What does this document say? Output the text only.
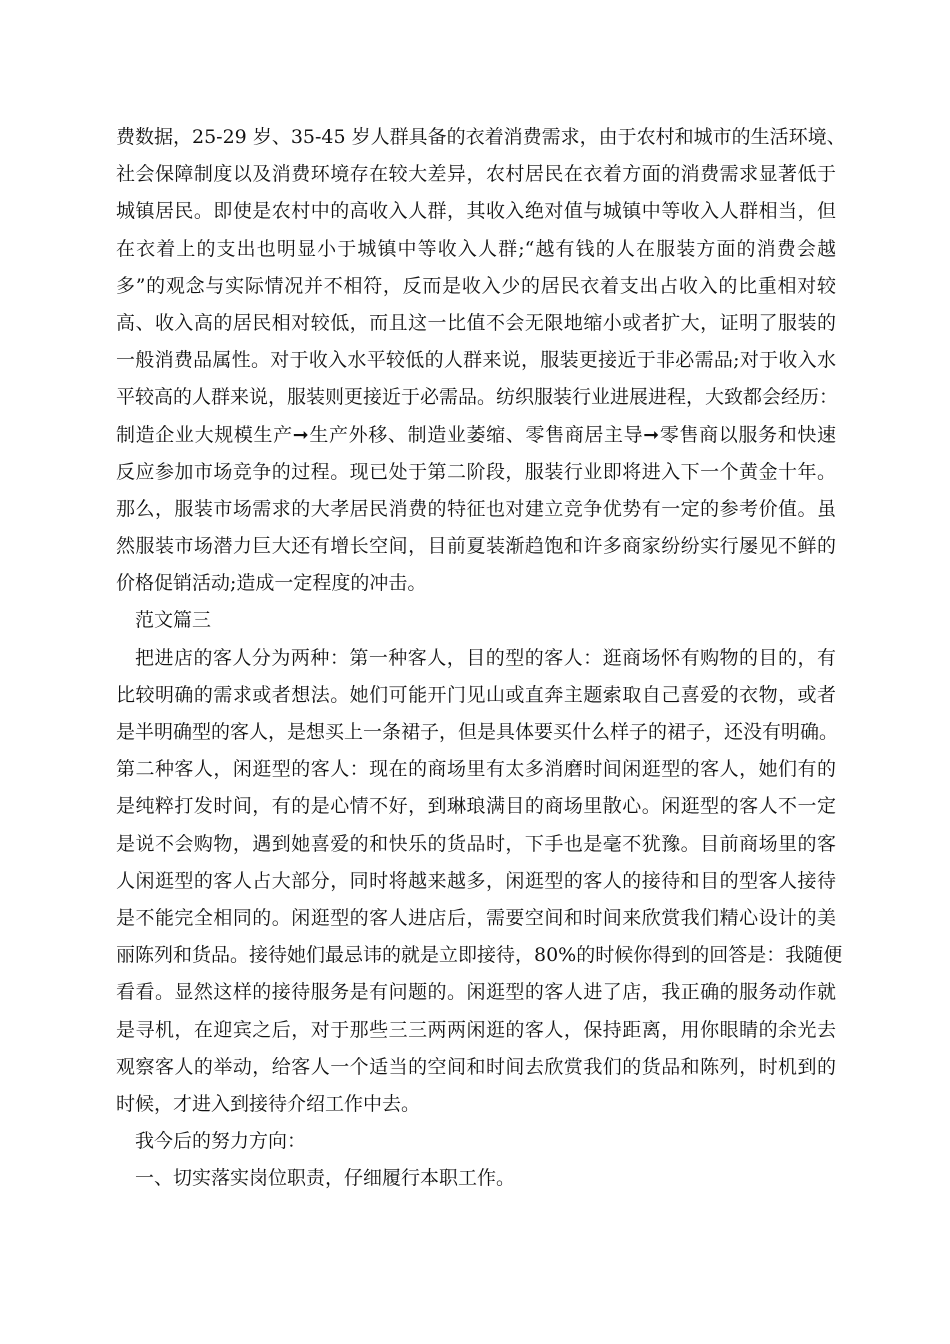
费数据，25-29 岁、35-45 岁人群具备的衣着消费需求，由于农村和城市的生活环境、
社会保障制度以及消费环境存在较大差异，农村居民在衣着方面的消费需求显著低于
城镇居民。即使是农村中的高收入人群，其收入绝对值与城镇中等收入人群相当，但
在衣着上的支出也明显小于城镇中等收入人群;“越有钱的人在服装方面的消费会越
多”的观念与实际情况并不相符，反而是收入少的居民衣着支出占收入的比重相对较
高、收入高的居民相对较低，而且这一比值不会无限地缩小或者扩大，证明了服装的
一般消费品属性。对于收入水平较低的人群来说，服装更接近于非必需品;对于收入水
平较高的人群来说，服装则更接近于必需品。纺织服装行业进展进程，大致都会经历：
制造企业大规模生产➞生产外移、制造业萎缩、零售商居主导➞零售商以服务和快速
反应参加市场竞争的过程。现已处于第二阶段，服装行业即将进入下一个黄金十年。
那么，服装市场需求的大孝居民消费的特征也对建立竞争优势有一定的参考价值。虽
然服装市场潜力巨大还有增长空间，目前夏装渐趋饱和许多商家纷纷实行屡见不鲜的
价格促销活动;造成一定程度的冲击。
范文篇三
把进店的客人分为两种：第一种客人，目的型的客人：逛商场怀有购物的目的，有
比较明确的需求或者想法。她们可能开门见山或直奔主题索取自己喜爱的衣物，或者
是半明确型的客人，是想买上一条裙子，但是具体要买什么样子的裙子，还没有明确。
第二种客人，闲逛型的客人：现在的商场里有太多消磨时间闲逛型的客人，她们有的
是纯粹打发时间，有的是心情不好，到琳琅满目的商场里散心。闲逛型的客人不一定
是说不会购物，遇到她喜爱的和快乐的货品时，下手也是毫不犹豫。目前商场里的客
人闲逛型的客人占大部分，同时将越来越多，闲逛型的客人的接待和目的型客人接待
是不能完全相同的。闲逛型的客人进店后，需要空间和时间来欣赏我们精心设计的美
丽陈列和货品。接待她们最忌讳的就是立即接待，80%的时候你得到的回答是：我随便
看看。显然这样的接待服务是有问题的。闲逛型的客人进了店，我正确的服务动作就
是寻机，在迎宾之后，对于那些三三两两闲逛的客人，保持距离，用你眼睛的余光去
观察客人的举动，给客人一个适当的空间和时间去欣赏我们的货品和陈列，时机到的
时候，才进入到接待介绍工作中去。
我今后的努力方向：
一、切实落实岗位职责，仔细履行本职工作。
